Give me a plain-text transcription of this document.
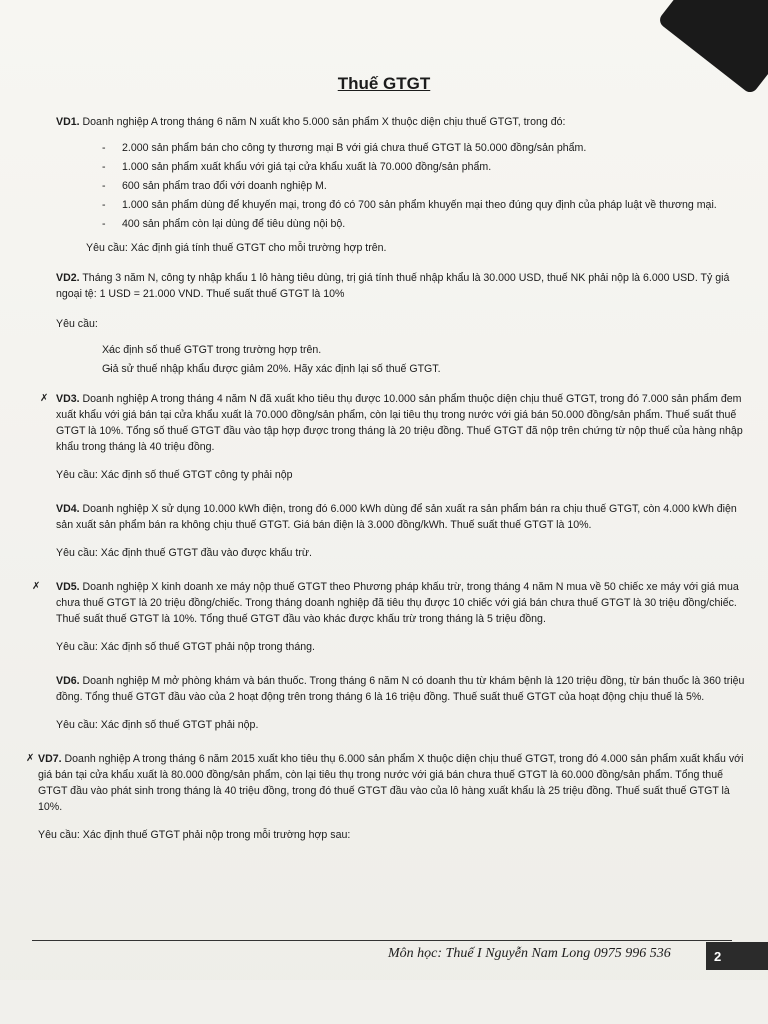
Thuế GTGT
VD1. Doanh nghiệp A trong tháng 6 năm N xuất kho 5.000 sản phẩm X thuộc diện chịu thuế GTGT, trong đó:
- 2.000 sản phẩm bán cho công ty thương mại B với giá chưa thuế GTGT là 50.000 đồng/sản phẩm.
- 1.000 sản phẩm xuất khẩu với giá tại cửa khẩu xuất là 70.000 đồng/sản phẩm.
- 600 sản phẩm trao đổi với doanh nghiệp M.
- 1.000 sản phẩm dùng để khuyến mại, trong đó có 700 sản phẩm khuyến mại theo đúng quy định của pháp luật về thương mại.
- 400 sản phẩm còn lại dùng để tiêu dùng nội bộ.
Yêu cầu: Xác định giá tính thuế GTGT cho mỗi trường hợp trên.
VD2. Tháng 3 năm N, công ty nhập khẩu 1 lô hàng tiêu dùng, trị giá tính thuế nhập khẩu là 30.000 USD, thuế NK phải nộp là 6.000 USD. Tỷ giá ngoại tệ: 1 USD = 21.000 VND. Thuế suất thuế GTGT là 10%
Yêu cầu:
- Xác định số thuế GTGT trong trường hợp trên.
- Giả sử thuế nhập khẩu được giảm 20%. Hãy xác định lại số thuế GTGT.
✗ VD3. Doanh nghiệp A trong tháng 4 năm N đã xuất kho tiêu thụ được 10.000 sản phẩm thuộc diện chịu thuế GTGT, trong đó 7.000 sản phẩm đem xuất khẩu với giá bán tại cửa khẩu xuất là 70.000 đồng/sản phẩm, còn lại tiêu thụ trong nước với giá bán 50.000 đồng/sản phẩm. Thuế suất thuế GTGT là 10%. Tổng số thuế GTGT đầu vào tập hợp được trong tháng là 20 triệu đồng. Thuế GTGT đã nộp trên chứng từ nộp thuế của hàng nhập khẩu trong tháng là 40 triệu đồng.
Yêu cầu: Xác định số thuế GTGT công ty phải nộp
VD4. Doanh nghiệp X sử dụng 10.000 kWh điện, trong đó 6.000 kWh dùng để sản xuất ra sản phẩm bán ra chịu thuế GTGT, còn 4.000 kWh điện sản xuất sản phẩm bán ra không chịu thuế GTGT. Giá bán điện là 3.000 đồng/kWh. Thuế suất thuế GTGT là 10%.
Yêu cầu: Xác định thuế GTGT đầu vào được khấu trừ.
✗ VD5. Doanh nghiệp X kinh doanh xe máy nộp thuế GTGT theo Phương pháp khấu trừ, trong tháng 4 năm N mua về 50 chiếc xe máy với giá mua chưa thuế GTGT là 20 triệu đồng/chiếc. Trong tháng doanh nghiệp đã tiêu thụ được 10 chiếc với giá bán chưa thuế GTGT là 30 triệu đồng/chiếc. Thuế suất thuế GTGT là 10%. Tổng thuế GTGT đầu vào khác được khấu trừ trong tháng là 5 triệu đồng.
Yêu cầu: Xác định số thuế GTGT phải nộp trong tháng.
VD6. Doanh nghiệp M mở phòng khám và bán thuốc. Trong tháng 6 năm N có doanh thu từ khám bệnh là 120 triệu đồng, từ bán thuốc là 360 triệu đồng. Tổng thuế GTGT đầu vào của 2 hoạt động trên trong tháng 6 là 16 triệu đồng. Thuế suất thuế GTGT của hoạt động chịu thuế là 5%.
Yêu cầu: Xác định số thuế GTGT phải nộp.
✗ VD7. Doanh nghiệp A trong tháng 6 năm 2015 xuất kho tiêu thụ 6.000 sản phẩm X thuộc diện chịu thuế GTGT, trong đó 4.000 sản phẩm xuất khẩu với giá bán tại cửa khẩu xuất là 80.000 đồng/sản phẩm, còn lại tiêu thụ trong nước với giá bán chưa thuế GTGT là 60.000 đồng/sản phẩm. Tổng thuế GTGT đầu vào phát sinh trong tháng là 40 triệu đồng, trong đó thuế GTGT đầu vào của lô hàng xuất khẩu là 25 triệu đồng. Thuế suất thuế GTGT là 10%.
Yêu cầu: Xác định thuế GTGT phải nộp trong mỗi trường hợp sau:
Môn học: Thuế I Nguyễn Nam Long 0975 996 536	2
